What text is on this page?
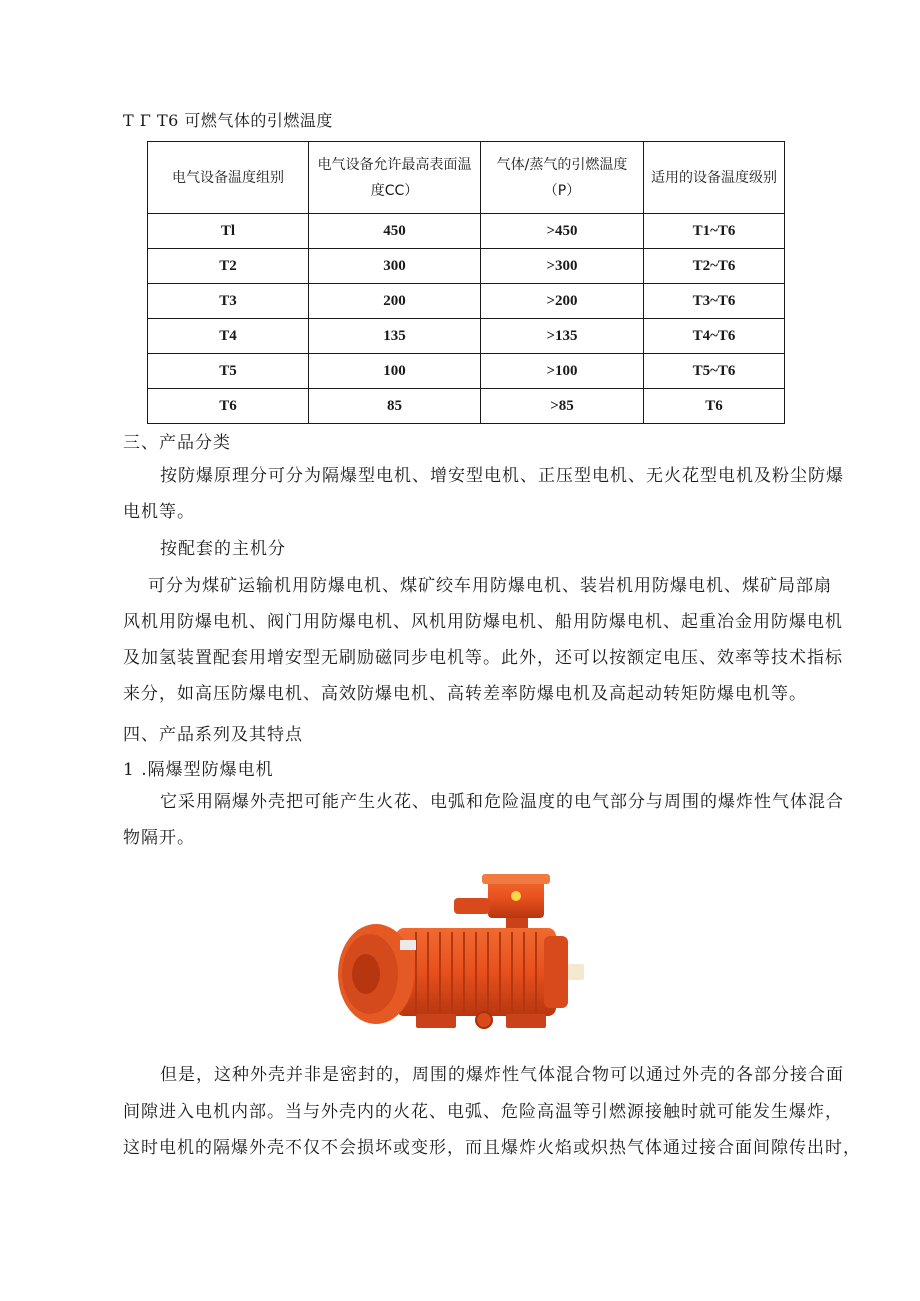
T Γ T6 可燃气体的引燃温度
电气设备温度组别	电气设备允许最高表面温度CC）	气体/蒸气的引燃温度（P）	适用的设备温度级别
Tl	450	>450	T1~T6
T2	300	>300	T2~T6
T3	200	>200	T3~T6
T4	135	>135	T4~T6
T5	100	>100	T5~T6
T6	85	>85	T6
三、产品分类
按防爆原理分可分为隔爆型电机、增安型电机、正压型电机、无火花型电机及粉尘防爆
电机等。
按配套的主机分
可分为煤矿运输机用防爆电机、煤矿绞车用防爆电机、装岩机用防爆电机、煤矿局部扇
风机用防爆电机、阀门用防爆电机、风机用防爆电机、船用防爆电机、起重冶金用防爆电机
及加氢装置配套用增安型无刷励磁同步电机等。此外，还可以按额定电压、效率等技术指标
来分，如高压防爆电机、高效防爆电机、高转差率防爆电机及高起动转矩防爆电机等。
四、产品系列及其特点
1 .隔爆型防爆电机
它采用隔爆外壳把可能产生火花、电弧和危险温度的电气部分与周围的爆炸性气体混合
物隔开。
但是，这种外壳并非是密封的，周围的爆炸性气体混合物可以通过外壳的各部分接合面
间隙进入电机内部。当与外壳内的火花、电弧、危险高温等引燃源接触时就可能发生爆炸，
这时电机的隔爆外壳不仅不会损坏或变形，而且爆炸火焰或炽热气体通过接合面间隙传出时，
